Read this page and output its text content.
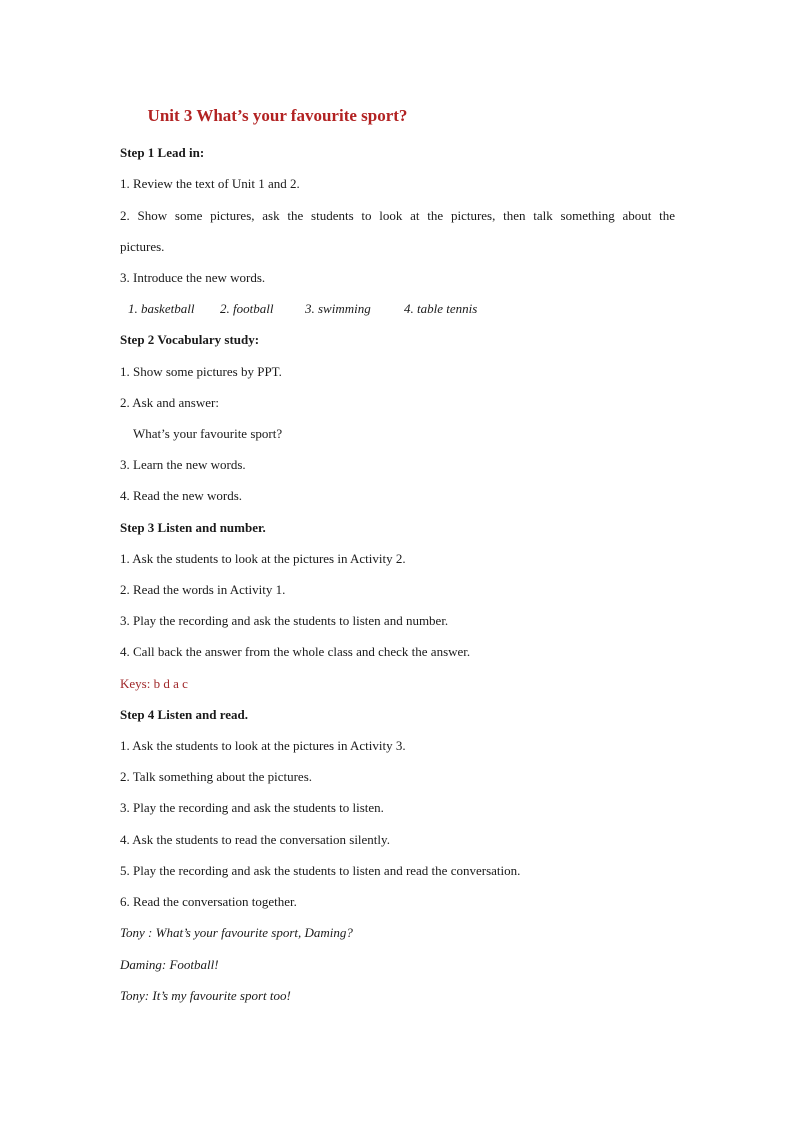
Unit 3 What’s your favourite sport?
Step 1 Lead in:
1. Review the text of Unit 1 and 2.
2. Show some pictures, ask the students to look at the pictures, then talk something about the
pictures.
3. Introduce the new words.
1. basketball 2. football 3. swimming	4. table tennis
Step 2 Vocabulary study:
1. Show some pictures by PPT.
2. Ask and answer:
What’s your favourite sport?
3. Learn the new words.
4. Read the new words.
Step 3 Listen and number.
1. Ask the students to look at the pictures in Activity 2.
2. Read the words in Activity 1.
3. Play the recording and ask the students to listen and number.
4. Call back the answer from the whole class and check the answer.
Keys: b d a c
Step 4 Listen and read.
1. Ask the students to look at the pictures in Activity 3.
2. Talk something about the pictures.
3. Play the recording and ask the students to listen.
4. Ask the students to read the conversation silently.
5. Play the recording and ask the students to listen and read the conversation.
6. Read the conversation together.
Tony : What’s your favourite sport, Daming?
Daming: Football!
Tony: It’s my favourite sport too!
